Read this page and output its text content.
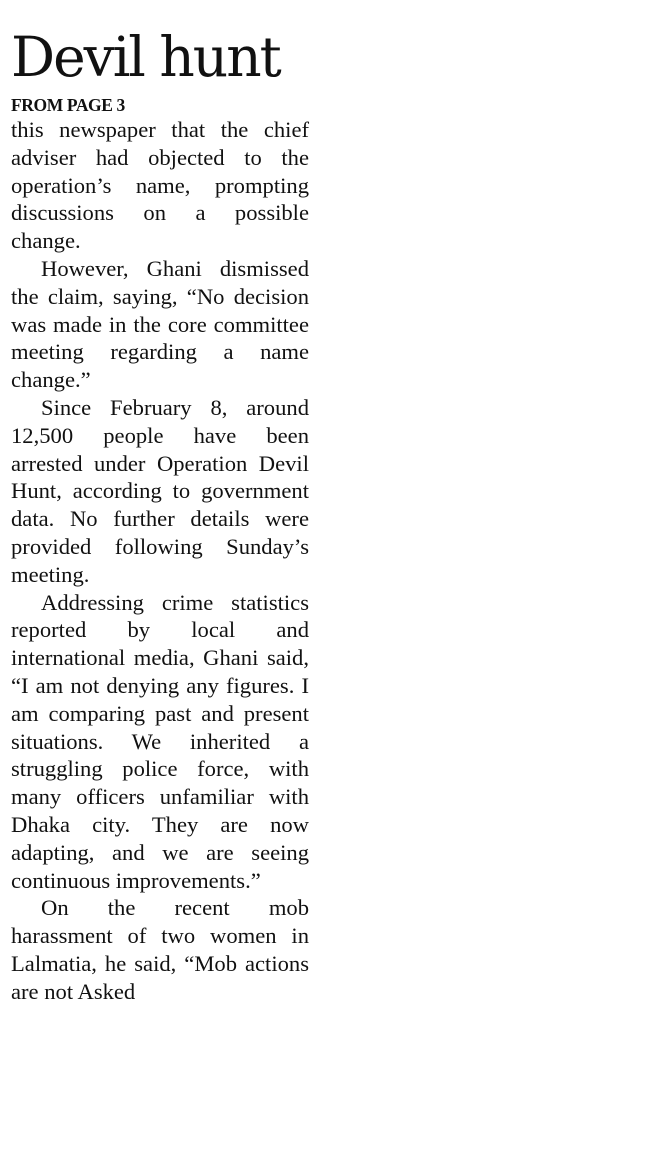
Devil hunt
FROM PAGE 3

this newspaper that the chief adviser had objected to the operation’s name, prompting discussions on a possible change.

However, Ghani dismissed the claim, saying, “No decision was made in the core committee meeting regarding a name change.”

Since February 8, around 12,500 people have been arrested under Operation Devil Hunt, according to government data. No further details were provided following Sunday’s meeting.

Addressing crime statistics reported by local and international media, Ghani said, “I am not denying any figures. I am comparing past and present situations. We inherited a struggling police force, with many officers unfamiliar with Dhaka city. They are now adapting, and we are seeing continuous improvements.”

On the recent mob harassment of two women in Lalmatia, he said, “Mob actions are not Asked
